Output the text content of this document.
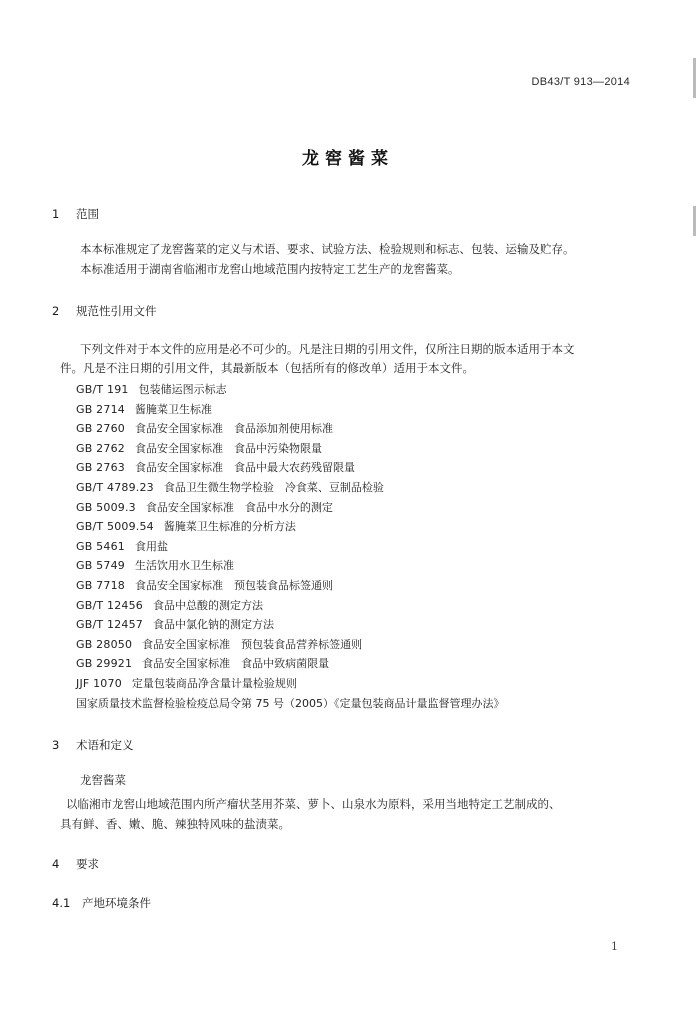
DB43/T 913—2014
龙窖酱菜
1 范围
本本标准规定了龙窖酱菜的定义与术语、要求、试验方法、检验规则和标志、包装、运输及贮存。
本标准适用于湖南省临湘市龙窖山地域范围内按特定工艺生产的龙窖酱菜。
2 规范性引用文件
下列文件对于本文件的应用是必不可少的。凡是注日期的引用文件，仅所注日期的版本适用于本文
件。凡是不注日期的引用文件，其最新版本（包括所有的修改单）适用于本文件。
GB/T 191 包装储运图示标志
GB 2714 酱腌菜卫生标准
GB 2760 食品安全国家标准　食品添加剂使用标准
GB 2762 食品安全国家标准　食品中污染物限量
GB 2763 食品安全国家标准　食品中最大农药残留限量
GB/T 4789.23 食品卫生微生物学检验　冷食菜、豆制品检验
GB 5009.3 食品安全国家标准　食品中水分的测定
GB/T 5009.54 酱腌菜卫生标准的分析方法
GB 5461 食用盐
GB 5749 生活饮用水卫生标准
GB 7718 食品安全国家标准　预包装食品标签通则
GB/T 12456 食品中总酸的测定方法
GB/T 12457 食品中氯化钠的测定方法
GB 28050 食品安全国家标准　预包装食品营养标签通则
GB 29921 食品安全国家标准　食品中致病菌限量
JJF 1070 定量包装商品净含量计量检验规则
国家质量技术监督检验检疫总局令第 75 号（2005）《定量包装商品计量监督管理办法》
3 术语和定义
龙窖酱菜
以临湘市龙窖山地域范围内所产瘤状茎用芥菜、萝卜、山泉水为原料，采用当地特定工艺制成的、
具有鲜、香、嫩、脆、辣独特风味的盐渍菜。
4 要求
4.1 产地环境条件
1
